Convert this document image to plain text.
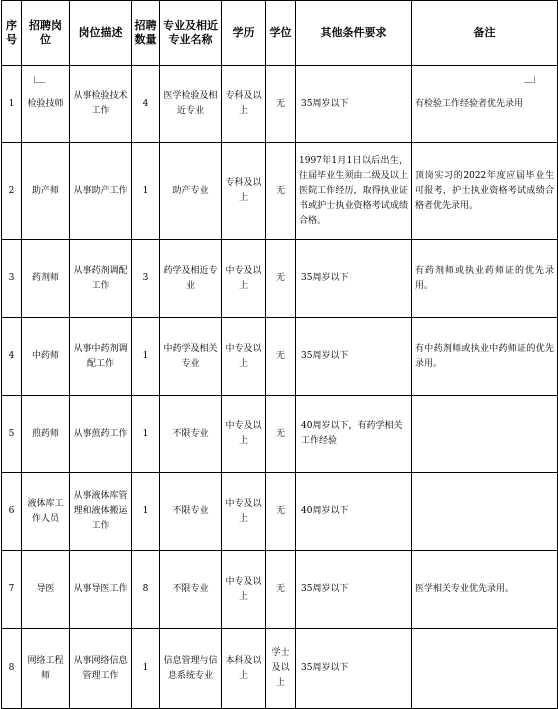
序号	招聘岗位	岗位描述	招聘数量	专业及相近专业名称	学历	学位	其他条件要求	备注
1	检验技师	从事检验技术工作	4	医学检验及相近专业	专科及以上	无	35周岁以下	有检验工作经验者优先录用
2	助产师	从事助产工作	1	助产专业	专科及以上	无	1997年1月1日以后出生，往届毕业生须由二级及以上医院工作经历，取得执业证书或护士执业资格考试成绩合格。	顶岗实习的2022年度应届毕业生可报考，护士执业资格考试成绩合格者优先录用。
3	药剂师	从事药剂调配工作	3	药学及相近专业	中专及以上	无	35周岁以下	有药剂师或执业药师证的优先录用。
4	中药师	从事中药剂调配工作	1	中药学及相关专业	中专及以上	无	35周岁以下	有中药剂师或执业中药师证的优先录用。
5	煎药师	从事煎药工作	1	不限专业	中专及以上	无	40周岁以下，有药学相关工作经验	
6	液体库工作人员	从事液体库管理和液体搬运工作	1	不限专业	中专及以上	无	40周岁以下	
7	导医	从事导医工作	8	不限专业	中专及以上	无	35周岁以下	医学相关专业优先录用。
8	网络工程师	从事网络信息管理工作	1	信息管理与信息系统专业	本科及以上	学士及以上	35周岁以下	
